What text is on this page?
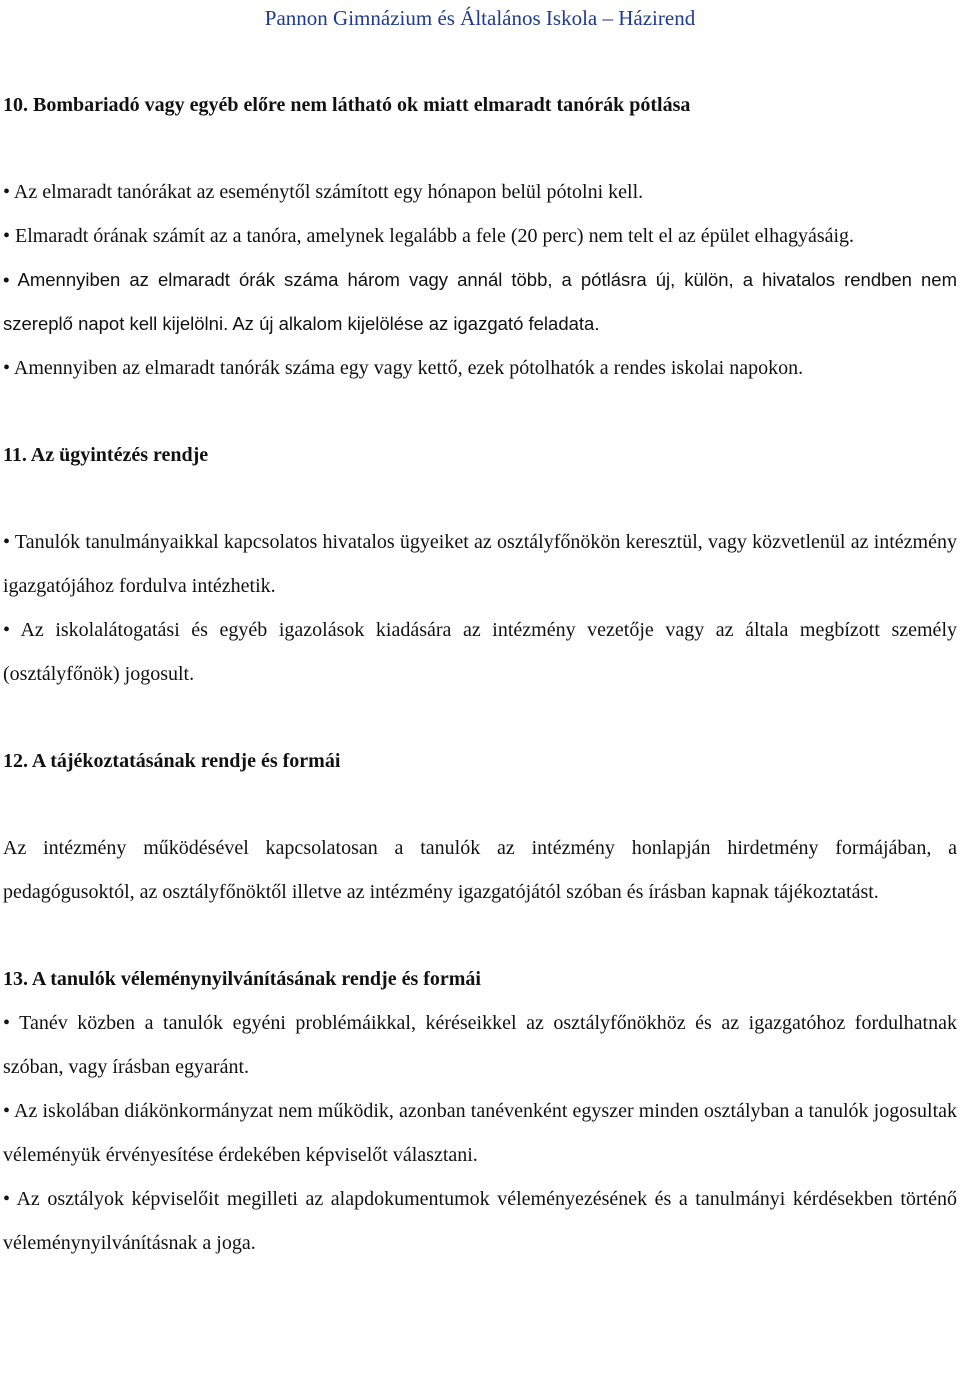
Pannon Gimnázium és Általános Iskola – Házirend

10. Bombariadó vagy egyéb előre nem látható ok miatt elmaradt tanórák pótlása

• Az elmaradt tanórákat az eseménytől számított egy hónapon belül pótolni kell.

• Elmaradt órának számít az a tanóra, amelynek legalább a fele (20 perc) nem telt el az épület elhagyásáig.

• Amennyiben az elmaradt órák száma három vagy annál több, a pótlásra új, külön, a hivatalos rendben nem szereplő napot kell kijelölni. Az új alkalom kijelölése az igazgató feladata.

• Amennyiben az elmaradt tanórák száma egy vagy kettő, ezek pótolhatók a rendes iskolai napokon.

11. Az ügyintézés rendje

• Tanulók tanulmányaikkal kapcsolatos hivatalos ügyeiket az osztályfőnökön keresztül, vagy közvetlenül az intézmény igazgatójához fordulva intézhetik.

• Az iskolalátogatási és egyéb igazolások kiadására az intézmény vezetője vagy az általa megbízott személy (osztályfőnök) jogosult.

12. A tájékoztatásának rendje és formái

Az intézmény működésével kapcsolatosan a tanulók az intézmény honlapján hirdetmény formájában, a pedagógusoktól, az osztályfőnöktől illetve az intézmény igazgatójától szóban és írásban kapnak tájékoztatást.

13. A tanulók véleménynyilvánításának rendje és formái

• Tanév közben a tanulók egyéni problémáikkal, kéréseikkel az osztályfőnökhöz és az igazgatóhoz fordulhatnak szóban, vagy írásban egyaránt.

• Az iskolában diákönkormányzat nem működik, azonban tanévenként egyszer minden osztályban a tanulók jogosultak véleményük érvényesítése érdekében képviselőt választani.

• Az osztályok képviselőit megilleti az alapdokumentumok véleményezésének és a tanulmányi kérdésekben történő véleménynyilvánításnak a joga.
